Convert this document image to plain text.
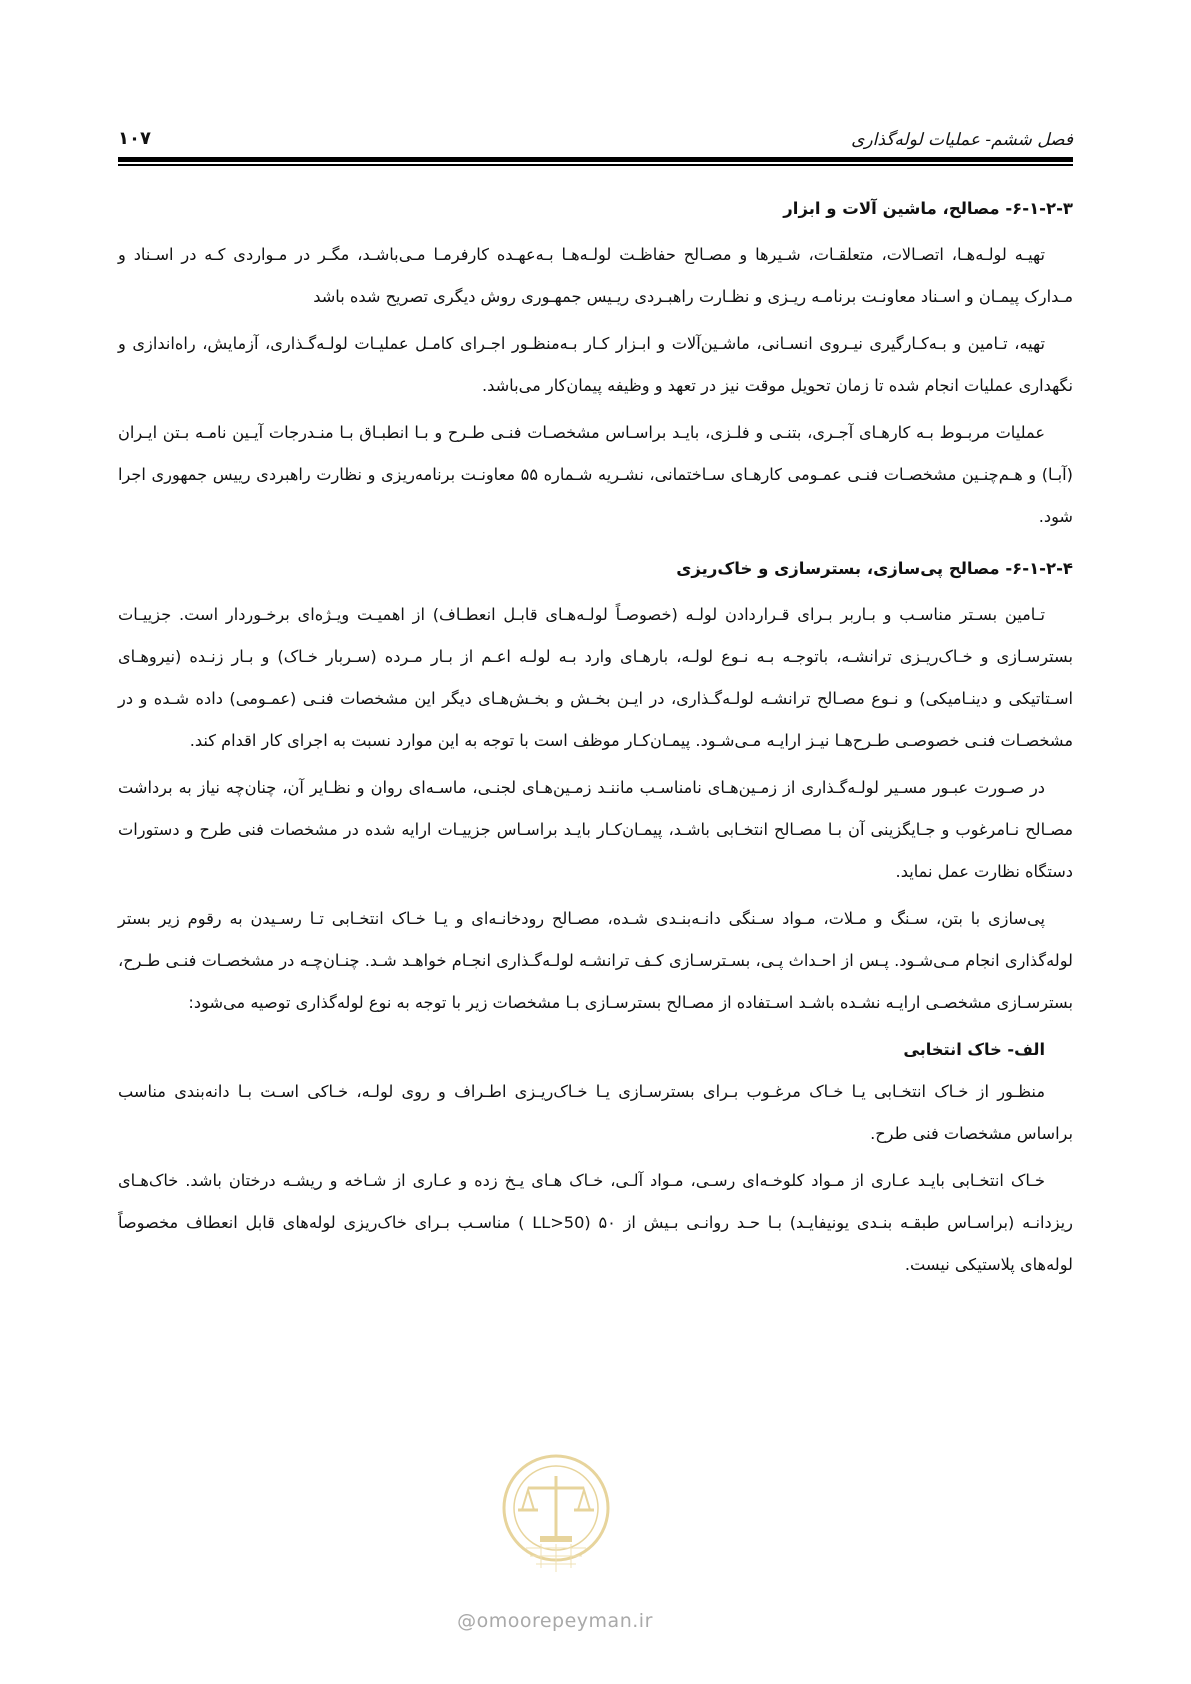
فصل ششم- عملیات لوله‌گذاری
۱۰۷
۶-۱-۲-۳- مصالح، ماشین آلات و ابزار

تهیـه لولـه‌هـا، اتصـالات، متعلقـات، شـیرها و مصـالح حفاظـت لولـه‌هـا بـه‌عهـده کارفرمـا مـی‌باشـد، مگـر در مـواردی کـه در اسـناد و مـدارک پیمـان و اسـناد معاونـت برنامـه ریـزی و نظـارت راهبـردی ریـیس جمهـوری روش دیگری تصریح شده باشد

تهیه، تـامین و بـه‌کـارگیری نیـروی انسـانی، ماشـین‌آلات و ابـزار کـار بـه‌منظـور اجـرای کامـل عملیـات لولـه‌گـذاری، آزمایش، راه‌اندازی و نگهداری عملیات انجام شده تا زمان تحویل موقت نیز در تعهد و وظیفه پیمان‌کار می‌باشد.

عملیات مربـوط بـه کارهـای آجـری، بتنـی و فلـزی، بایـد براسـاس مشخصـات فنـی طـرح و بـا انطبـاق بـا منـدرجات آیـین نامـه بـتن ایـران (آبـا) و هـم‌چنـین مشخصـات فنـی عمـومی کارهـای سـاختمانی، نشـریه شـماره ۵۵ معاونـت برنامه‌ریزی و نظارت راهبردی رییس جمهوری اجرا شود.

۶-۱-۲-۴- مصالح پی‌سازی، بسترسازی و خاک‌ریزی

تـامین بسـتر مناسـب و بـاربر بـرای قـراردادن لولـه (خصوصـاً لولـه‌هـای قابـل انعطـاف) از اهمیـت ویـژه‌ای برخـوردار است. جزییـات بسترسـازی و خـاک‌ریـزی ترانشـه، باتوجـه بـه نـوع لولـه، بارهـای وارد بـه لولـه اعـم از بـار مـرده (سـربار خـاک) و بـار زنـده (نیروهـای اسـتاتیکی و دینـامیکی) و نـوع مصـالح ترانشـه لولـه‌گـذاری، در ایـن بخـش و بخـش‌هـای دیگر این مشخصات فنـی (عمـومی) داده شـده و در مشخصـات فنـی خصوصـی طـرح‌هـا نیـز ارایـه مـی‌شـود. پیمـان‌کـار موظف است با توجه به این موارد نسبت به اجرای کار اقدام کند.

در صـورت عبـور مسـیر لولـه‌گـذاری از زمـین‌هـای نامناسـب ماننـد زمـین‌هـای لجنـی، ماسـه‌ای روان و نظـایر آن، چنان‌چه نیاز به برداشت مصـالح نـامرغوب و جـایگزینی آن بـا مصـالح انتخـابی باشـد، پیمـان‌کـار بایـد براسـاس جزییـات ارایه شده در مشخصات فنی طرح و دستورات دستگاه نظارت عمل نماید.

پی‌سازی با بتن، سـنگ و مـلات، مـواد سـنگی دانـه‌بنـدی شـده، مصـالح رودخانـه‌ای و یـا خـاک انتخـابی تـا رسـیدن به رقوم زیر بستر لوله‌گذاری انجام مـی‌شـود. پـس از احـداث پـی، بسـترسـازی کـف ترانشـه لولـه‌گـذاری انجـام خواهـد شـد. چنـان‌چـه در مشخصـات فنـی طـرح، بسترسـازی مشخصـی ارایـه نشـده باشـد اسـتفاده از مصـالح بسترسـازی بـا مشخصات زیر با توجه به نوع لوله‌گذاری توصیه می‌شود:

الف- خاک انتخابی

منظـور از خـاک انتخـابی یـا خـاک مرغـوب بـرای بسترسـازی یـا خـاک‌ریـزی اطـراف و روی لولـه، خـاکی اسـت بـا دانه‌بندی مناسب براساس مشخصات فنی طرح.

خـاک انتخـابی بایـد عـاری از مـواد کلوخـه‌ای رسـی، مـواد آلـی، خـاک هـای یـخ زده و عـاری از شـاخه و ریشـه درختان باشد. خاک‌هـای ریزدانـه (براسـاس طبقـه بنـدی یونیفایـد) بـا حـد روانـی بـیش از ۵۰ (LL>50 ) مناسـب بـرای خاک‌ریزی لوله‌های قابل انعطاف مخصوصاً لوله‌های پلاستیکی نیست.

@omoorepeyman.ir
